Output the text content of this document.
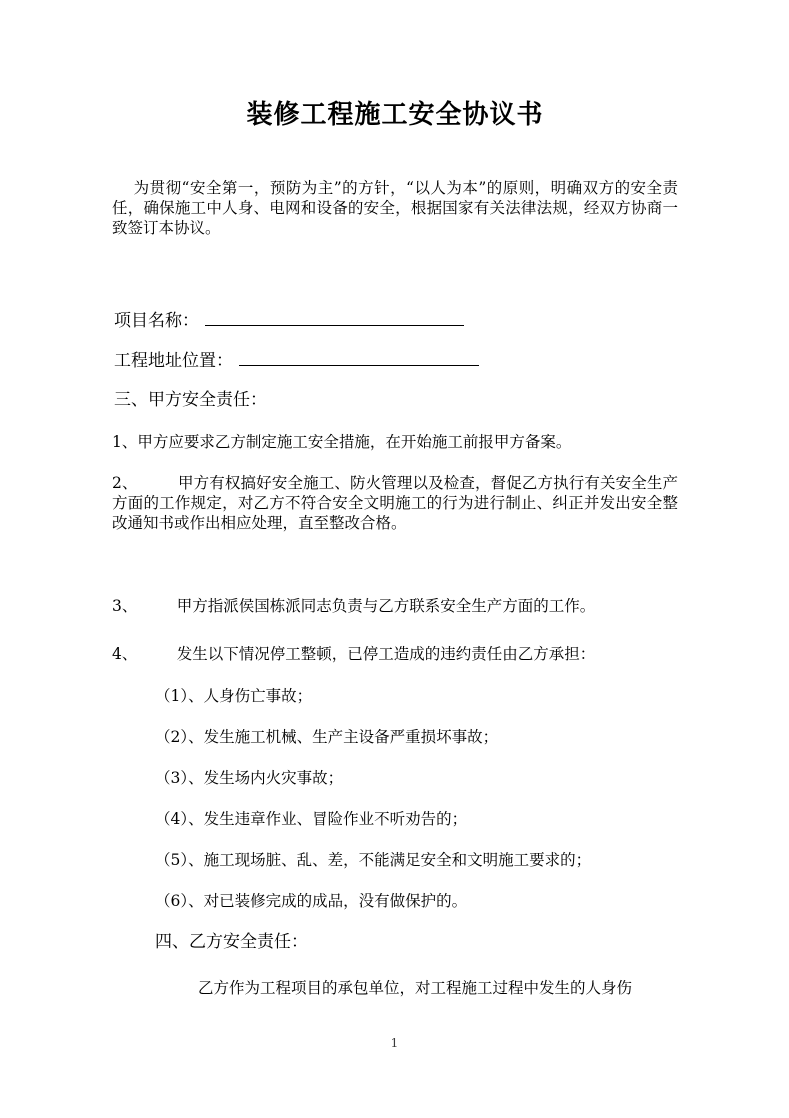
装修工程施工安全协议书

为贯彻“安全第一，预防为主”的方针，“以人为本”的原则，明确双方的安全责任，确保施工中人身、电网和设备的安全，根据国家有关法律法规，经双方协商一致签订本协议。

项目名称：
工程地址位置：
三、甲方安全责任：

1、甲方应要求乙方制定施工安全措施，在开始施工前报甲方备案。

2、        甲方有权搞好安全施工、防火管理以及检查，督促乙方执行有关安全生产方面的工作规定，对乙方不符合安全文明施工的行为进行制止、纠正并发出安全整改通知书或作出相应处理，直至整改合格。

3、        甲方指派侯国栋派同志负责与乙方联系安全生产方面的工作。

4、        发生以下情况停工整顿，已停工造成的违约责任由乙方承担：

（1）、人身伤亡事故；

（2）、发生施工机械、生产主设备严重损坏事故；

（3）、发生场内火灾事故；

（4）、发生违章作业、冒险作业不听劝告的；

（5）、施工现场脏、乱、差，不能满足安全和文明施工要求的；

（6）、对已装修完成的成品，没有做保护的。

四、乙方安全责任：

乙方作为工程项目的承包单位，对工程施工过程中发生的人身伤

1
